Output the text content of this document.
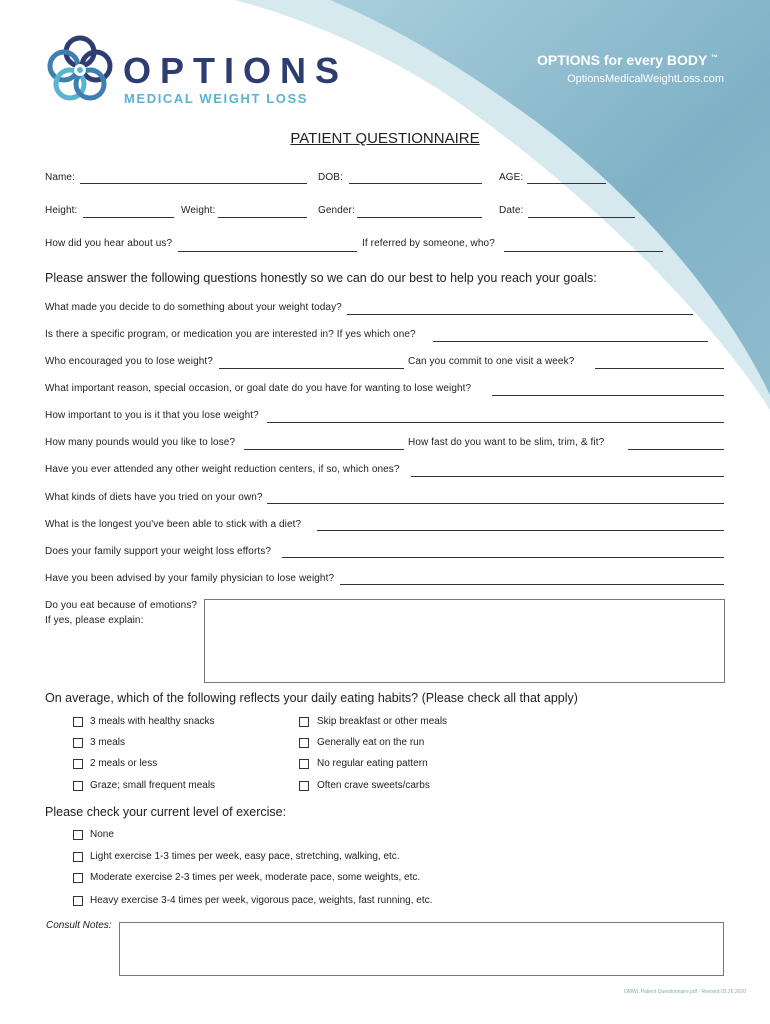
OPTIONS
MEDICAL WEIGHT LOSS
OPTIONS for every BODY ™
OptionsMedicalWeightLoss.com
PATIENT QUESTIONNAIRE
Name:	DOB:	AGE:
Height:	Weight:	Gender:	Date:
How did you hear about us?	If referred by someone, who?
Please answer the following questions honestly so we can do our best to help you reach your goals:
What made you decide to do something about your weight today?
Is there a specific program, or medication you are interested in? If yes which one?
Who encouraged you to lose weight?	Can you commit to one visit a week?
What important reason, special occasion, or goal date do you have for wanting to lose weight?
How important to you is it that you lose weight?
How many pounds would you like to lose?	How fast do you want to be slim, trim, & fit?
Have you ever attended any other weight reduction centers, if so, which ones?
What kinds of diets have you tried on your own?
What is the longest you've been able to stick with a diet?
Does your family support your weight loss efforts?
Have you been advised by your family physician to lose weight?
Do you eat because of emotions?
If yes, please explain:
On average, which of the following reflects your daily eating habits? (Please check all that apply)
3 meals with healthy snacks
3 meals
2 meals or less
Graze; small frequent meals
Skip breakfast or other meals
Generally eat on the run
No regular eating pattern
Often crave sweets/carbs
Please check your current level of exercise:
None
Light exercise 1-3 times per week, easy pace, stretching, walking, etc.
Moderate exercise 2-3 times per week, moderate pace, some weights, etc.
Heavy exercise 3-4 times per week, vigorous pace, weights, fast running, etc.
Consult Notes:
OMWL Patient Questionnaire.pdf · Revised 02.26.2020
